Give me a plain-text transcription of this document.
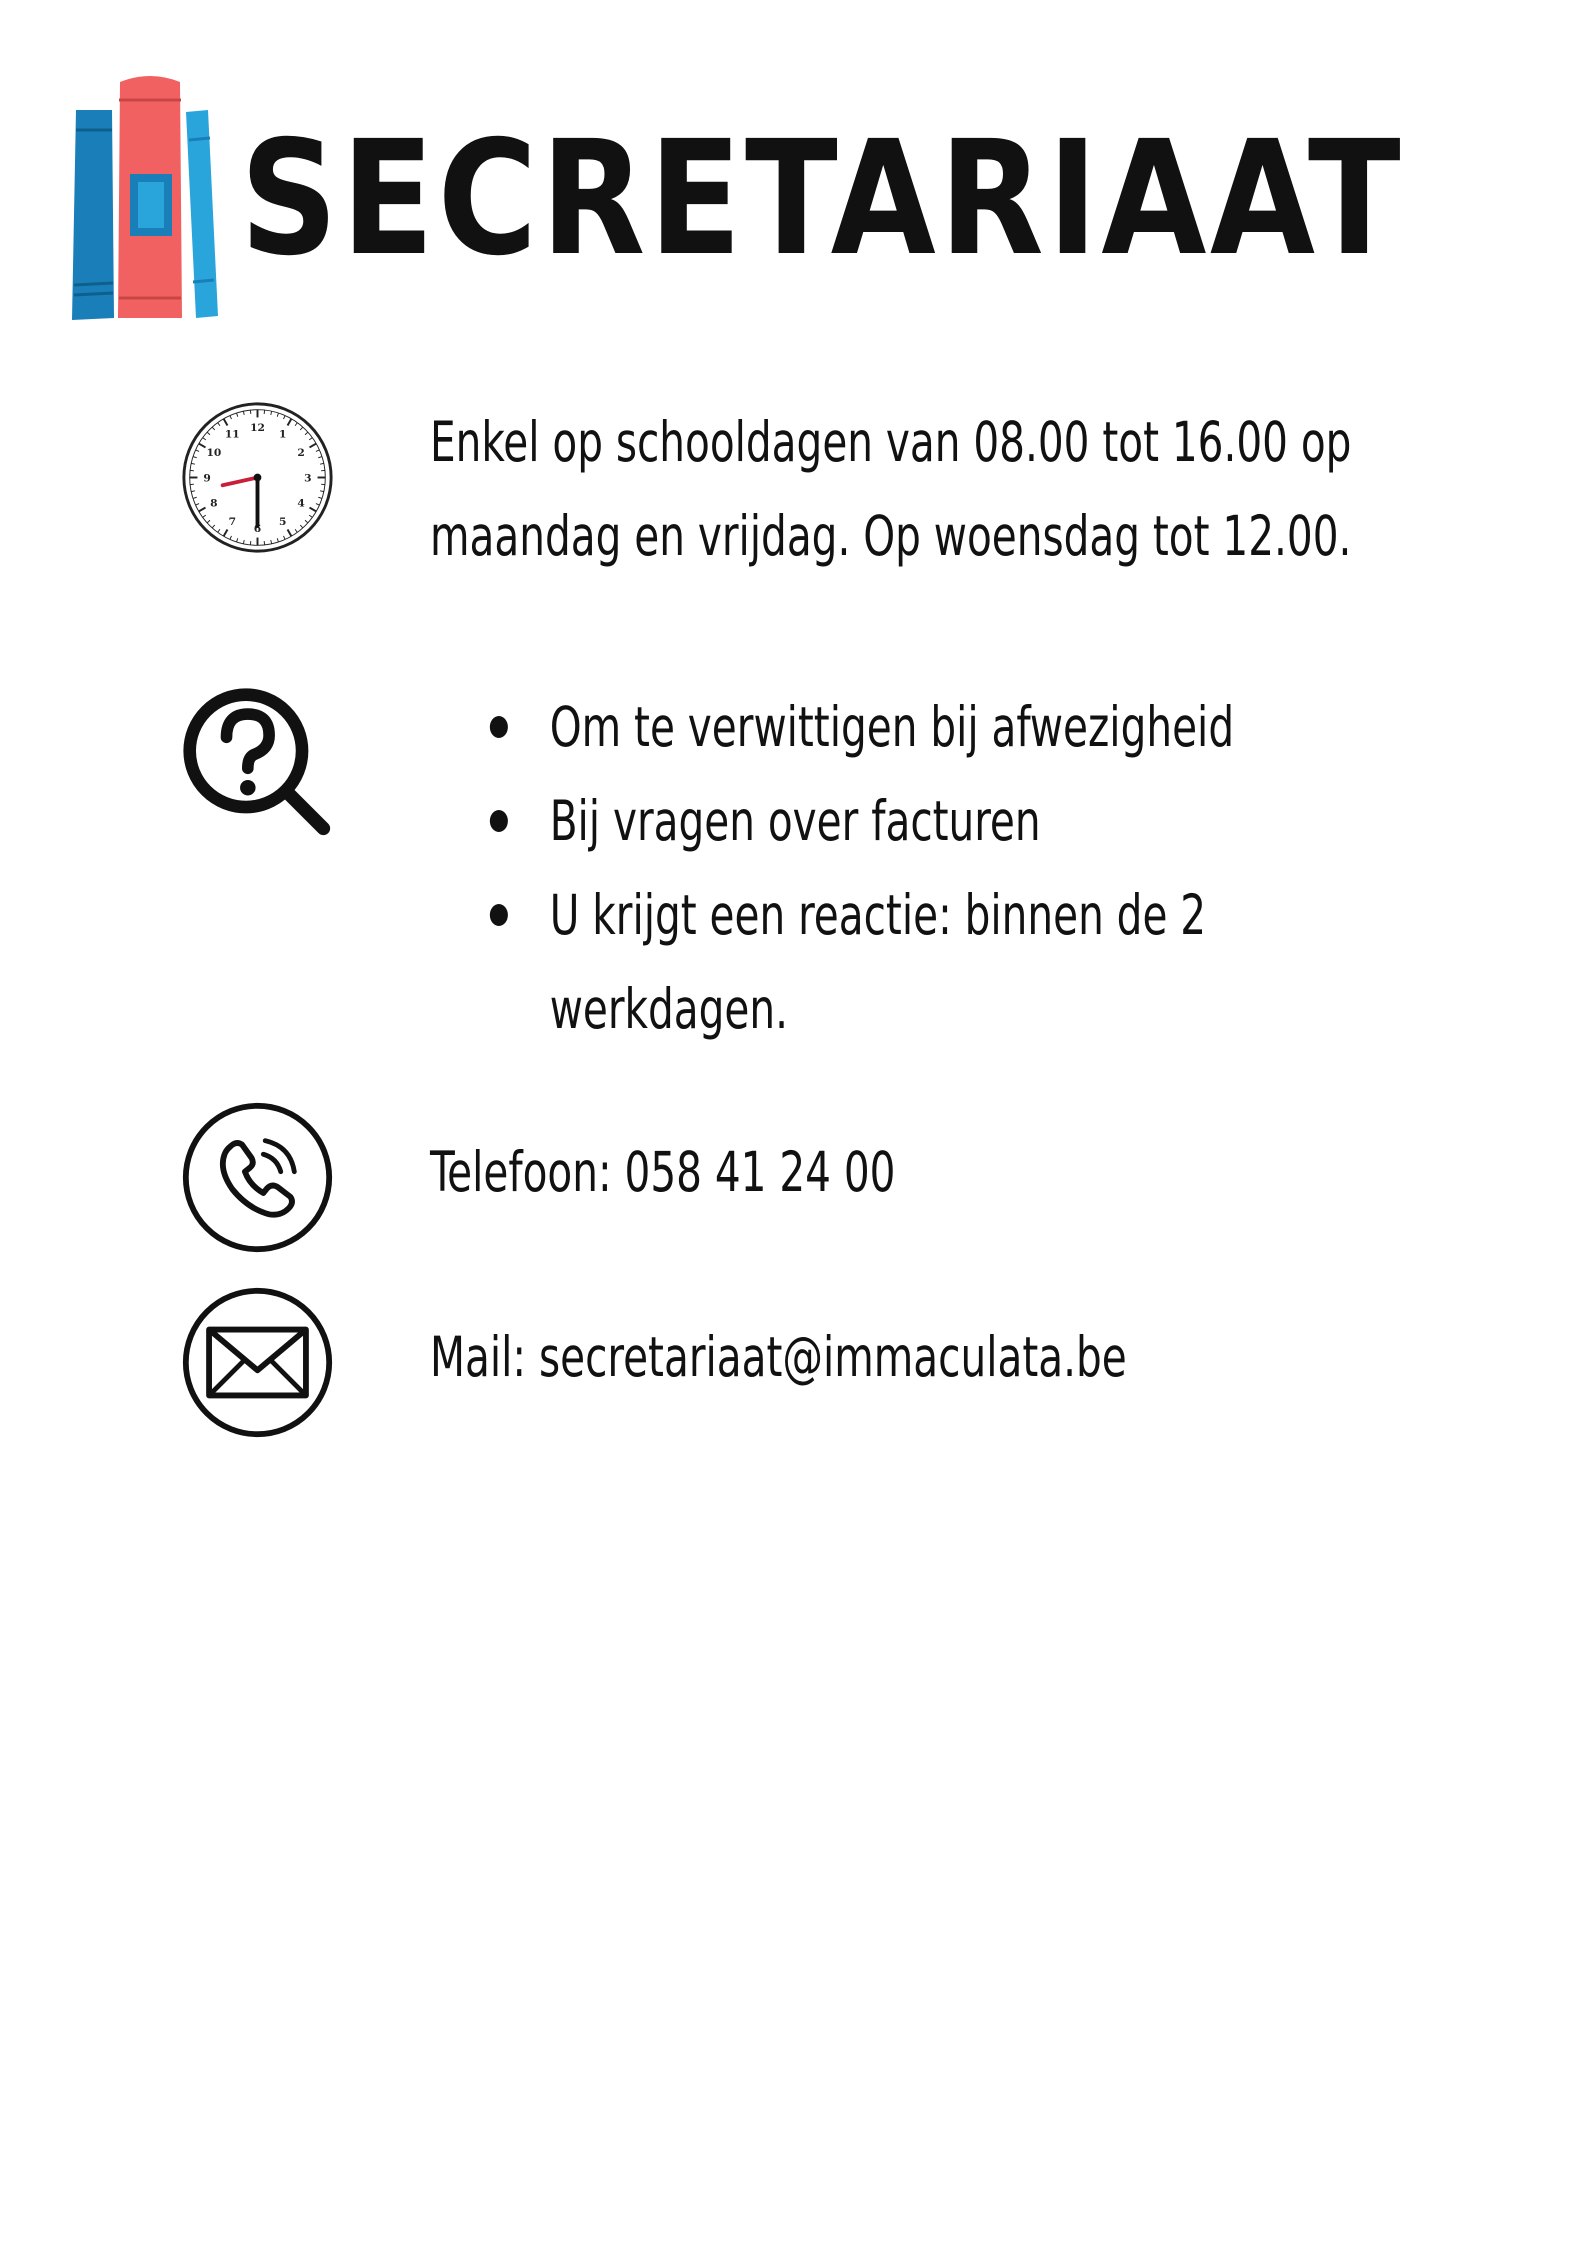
SECRETARIAAT
12
1
2
3
4
5
6
7
8
9
10
11	Enkel op schooldagen van 08.00 tot 16.00 op
maandag en vrijdag. Op woensdag tot 12.00.
Om te verwittigen bij afwezigheid
Bij vragen over facturen
U krijgt een reactie: binnen de 2
werkdagen.
Telefoon: 058 41 24 00
Mail: secretariaat@immaculata.be
